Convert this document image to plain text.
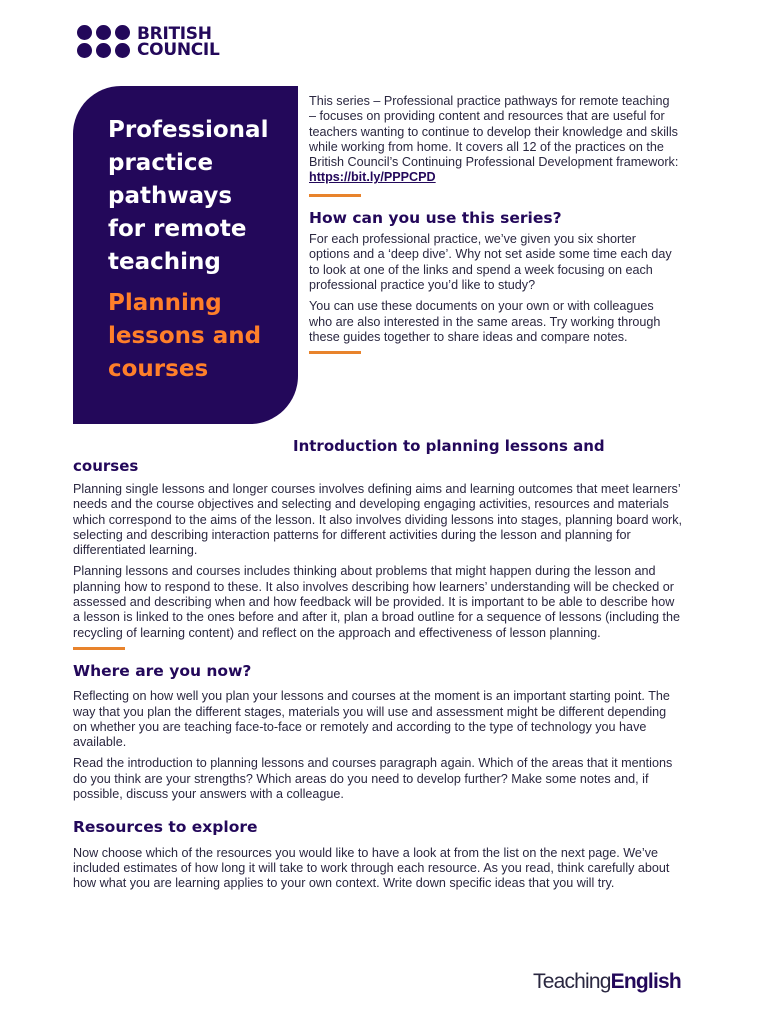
BRITISH
COUNCIL
Professional
practice
pathways
for remote
teaching
Planning
lessons and
courses

This series – Professional practice pathways for remote teaching – focuses on providing content and resources that are useful for teachers wanting to continue to develop their knowledge and skills while working from home. It covers all 12 of the practices on the British Council’s Continuing Professional Development framework: https://bit.ly/PPPCPD

How can you use this series?

For each professional practice, we’ve given you six shorter options and a ‘deep dive’. Why not set aside some time each day to look at one of the links and spend a week focusing on each professional practice you’d like to study?

You can use these documents on your own or with colleagues who are also interested in the same areas. Try working through these guides together to share ideas and compare notes.

Introduction to planning lessons and
courses

Planning single lessons and longer courses involves defining aims and learning outcomes that meet learners’ needs and the course objectives and selecting and developing engaging activities, resources and materials which correspond to the aims of the lesson. It also involves dividing lessons into stages, planning board work, selecting and describing interaction patterns for different activities during the lesson and planning for differentiated learning.

Planning lessons and courses includes thinking about problems that might happen during the lesson and planning how to respond to these. It also involves describing how learners’ understanding will be checked or assessed and describing when and how feedback will be provided. It is important to be able to describe how a lesson is linked to the ones before and after it, plan a broad outline for a sequence of lessons (including the recycling of learning content) and reflect on the approach and effectiveness of lesson planning.

Where are you now?

Reflecting on how well you plan your lessons and courses at the moment is an important starting point. The way that you plan the different stages, materials you will use and assessment might be different depending on whether you are teaching face-to-face or remotely and according to the type of technology you have available.

Read the introduction to planning lessons and courses paragraph again. Which of the areas that it mentions do you think are your strengths? Which areas do you need to develop further? Make some notes and, if possible, discuss your answers with a colleague.

Resources to explore

Now choose which of the resources you would like to have a look at from the list on the next page. We’ve included estimates of how long it will take to work through each resource. As you read, think carefully about how what you are learning applies to your own context. Write down specific ideas that you will try.

TeachingEnglish
